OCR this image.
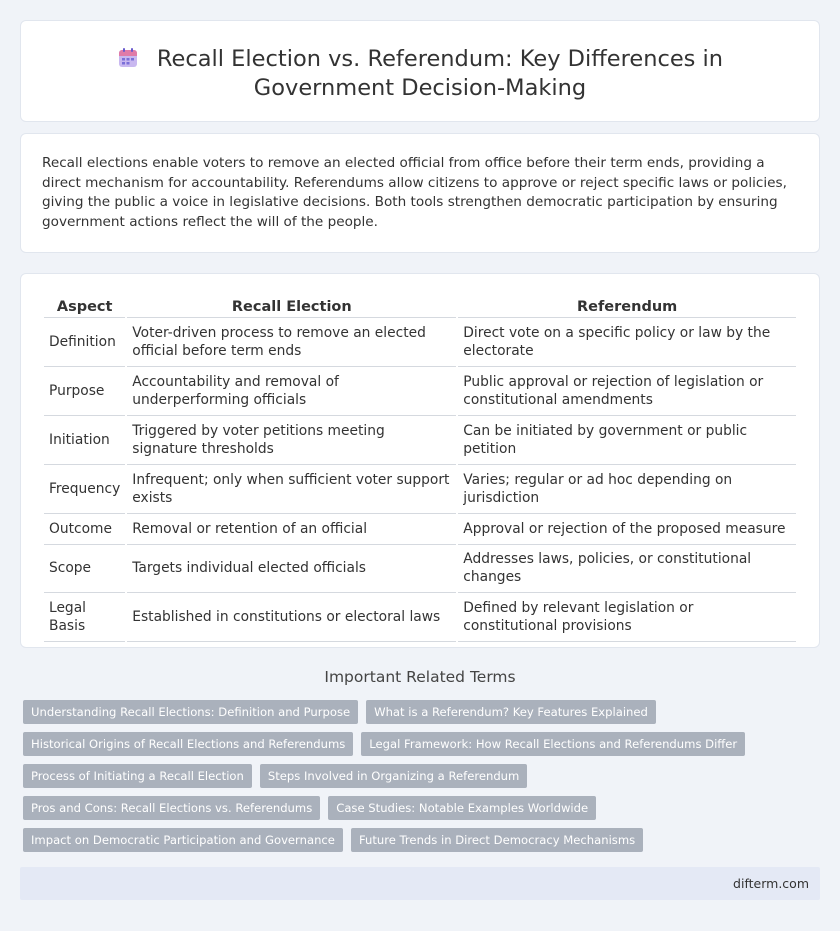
Recall Election vs. Referendum: Key Differences in Government Decision-Making

Recall elections enable voters to remove an elected official from office before their term ends, providing a direct mechanism for accountability. Referendums allow citizens to approve or reject specific laws or policies, giving the public a voice in legislative decisions. Both tools strengthen democratic participation by ensuring government actions reflect the will of the people.

Aspect	Recall Election	Referendum
Definition	Voter-driven process to remove an elected official before term ends	Direct vote on a specific policy or law by the electorate
Purpose	Accountability and removal of underperforming officials	Public approval or rejection of legislation or constitutional amendments
Initiation	Triggered by voter petitions meeting signature thresholds	Can be initiated by government or public petition
Frequency	Infrequent; only when sufficient voter support exists	Varies; regular or ad hoc depending on jurisdiction
Outcome	Removal or retention of an official	Approval or rejection of the proposed measure
Scope	Targets individual elected officials	Addresses laws, policies, or constitutional changes
Legal Basis	Established in constitutions or electoral laws	Defined by relevant legislation or constitutional provisions
Important Related Terms
Understanding Recall Elections: Definition and Purpose	What is a Referendum? Key Features Explained
Historical Origins of Recall Elections and Referendums	Legal Framework: How Recall Elections and Referendums Differ
Process of Initiating a Recall Election	Steps Involved in Organizing a Referendum
Pros and Cons: Recall Elections vs. Referendums	Case Studies: Notable Examples Worldwide
Impact on Democratic Participation and Governance	Future Trends in Direct Democracy Mechanisms
difterm.com
